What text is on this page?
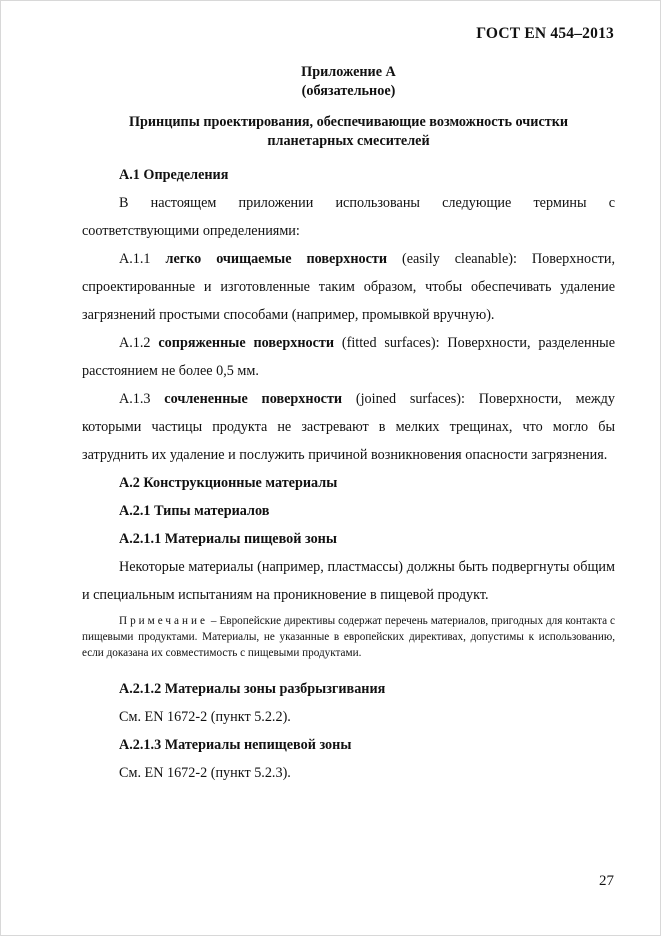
ГОСТ EN 454–2013
Приложение А
(обязательное)
Принципы проектирования, обеспечивающие возможность очистки
планетарных смесителей
А.1 Определения

В настоящем приложении использованы следующие термины с соответствующими определениями:

А.1.1 легко очищаемые поверхности (easily cleanable): Поверхности, спроектированные и изготовленные таким образом, чтобы обеспечивать удаление загрязнений простыми способами (например, промывкой вручную).

А.1.2 сопряженные поверхности (fitted surfaces): Поверхности, разделенные расстоянием не более 0,5 мм.

А.1.3 сочлененные поверхности (joined surfaces): Поверхности, между которыми частицы продукта не застревают в мелких трещинах, что могло бы затруднить их удаление и послужить причиной возникновения опасности загрязнения.

А.2 Конструкционные материалы
А.2.1 Типы материалов
А.2.1.1 Материалы пищевой зоны

Некоторые материалы (например, пластмассы) должны быть подвергнуты общим и специальным испытаниям на проникновение в пищевой продукт.

Примечание – Европейские директивы содержат перечень материалов, пригодных для контакта с пищевыми продуктами. Материалы, не указанные в европейских директивах, допустимы к использованию, если доказана их совместимость с пищевыми продуктами.
А.2.1.2 Материалы зоны разбрызгивания

См. EN 1672-2 (пункт 5.2.2).

А.2.1.3 Материалы непищевой зоны

См. EN 1672-2 (пункт 5.2.3).

27
